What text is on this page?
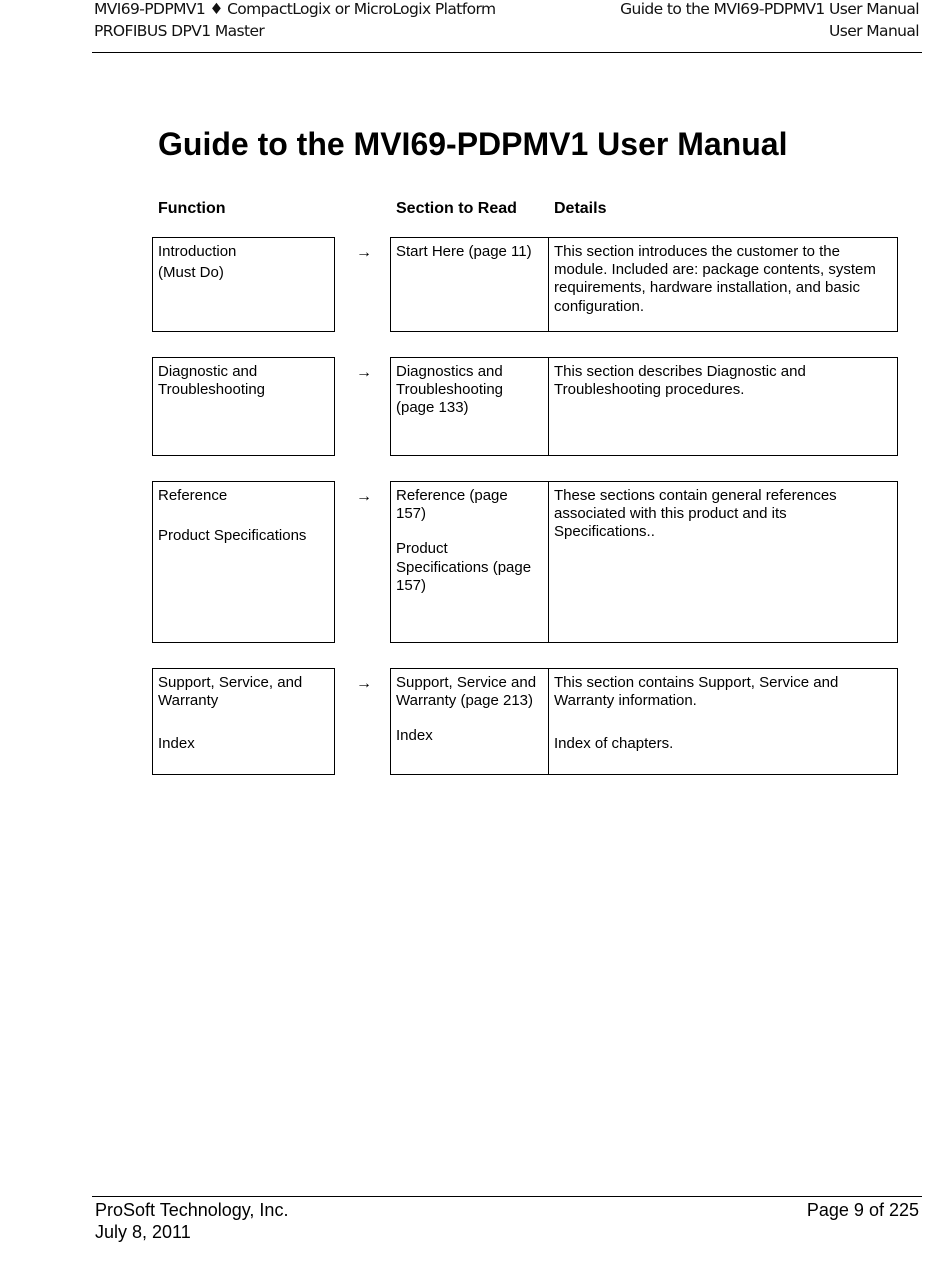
MVI69-PDPMV1 ♦ CompactLogix or MicroLogix Platform
PROFIBUS DPV1 Master
Guide to the MVI69-PDPMV1 User Manual
User Manual
Guide to the MVI69-PDPMV1 User Manual
Function	Section to Read Details

Introduction

(Must Do)

→ Start Here (page 11)	This section introduces the customer to the module. Included are: package contents, system requirements, hardware installation, and basic configuration.

Diagnostic and Troubleshooting

→ Diagnostics and Troubleshooting (page 133)

This section describes Diagnostic and Troubleshooting procedures.

Reference

Product Specifications

→ Reference (page 157)

Product Specifications (page 157)

These sections contain general references associated with this product and its Specifications..

Support, Service, and Warranty

Index

→ Support, Service and Warranty (page 213)

Index

This section contains Support, Service and Warranty information.

Index of chapters.

ProSoft Technology, Inc.
July 8, 2011
Page 9 of 225
